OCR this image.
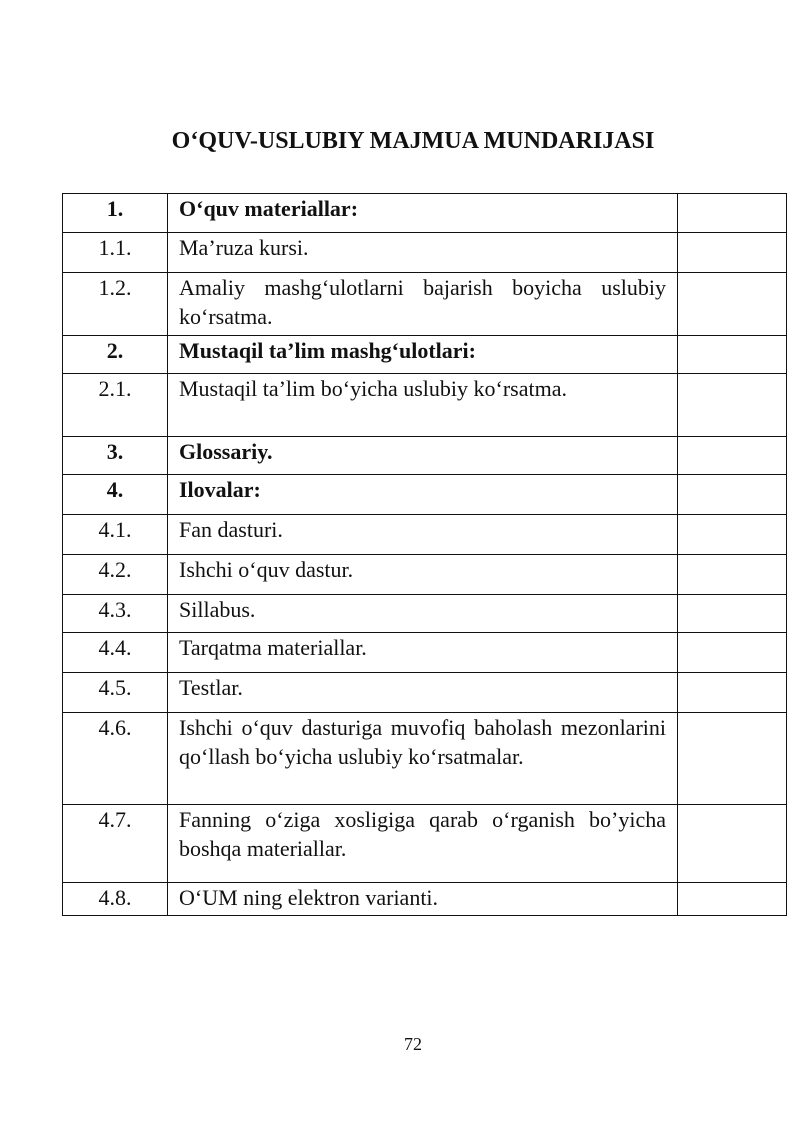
O‘QUV-USLUBIY MAJMUA MUNDARIJASI
1.	O‘quv materiallar:	
1.1.	Ma’ruza kursi.	
1.2.	Amaliy mashg‘ulotlarni bajarish boyicha uslubiy ko‘rsatma.	
2.	Mustaqil ta’lim mashg‘ulotlari:	
2.1.	Mustaqil ta’lim bo‘yicha uslubiy ko‘rsatma.	
3.	Glossariy.	
4.	Ilovalar:	
4.1.	Fan dasturi.	
4.2.	Ishchi o‘quv dastur.	
4.3.	Sillabus.	
4.4.	Tarqatma materiallar.	
4.5.	Testlar.	
4.6.	Ishchi o‘quv dasturiga muvofiq baholash mezonlarini qo‘llash bo‘yicha uslubiy ko‘rsatmalar.	
4.7.	Fanning o‘ziga xosligiga qarab o‘rganish bo’yicha boshqa materiallar.	
4.8.	O‘UM ning elektron varianti.	
72
